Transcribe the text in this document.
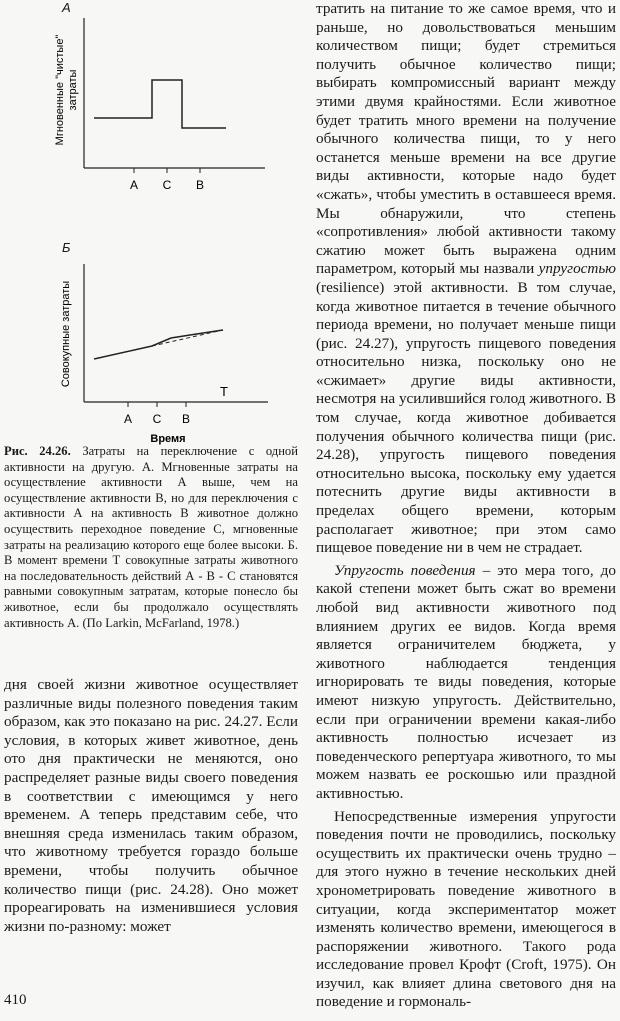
А
Мгновенные "чистые" затраты
A C B
Б
Совокупные затраты
A C B
T
Время
Рис. 24.26. Затраты на переключение с одной активности на другую. А. Мгновенные затраты на осуществление активности А выше, чем на осуществление активности В, но для переключения с активности А на активность В животное должно осуществить переходное поведение С, мгновенные затраты на реализацию которого еще более высоки. Б. В момент времени Т совокупные затраты животного на последовательность действий А - В - С становятся равными совокупным затратам, которые понесло бы животное, если бы продолжало осуществлять активность А. (По Larkin, McFarland, 1978.)

дня своей жизни животное осуществляет различные виды полезного поведения таким образом, как это показано на рис. 24.27. Если условия, в которых живет животное, день ото дня практически не меняются, оно распределяет разные виды своего поведения в соответствии с имеющимся у него временем. А теперь представим себе, что внешняя среда изменилась таким образом, что животному требуется гораздо больше времени, чтобы получить обычное количество пищи (рис. 24.28). Оно может прореагировать на изменившиеся условия жизни по-разному: может

тратить на питание то же самое время, что и раньше, но довольствоваться меньшим количеством пищи; будет стремиться получить обычное количество пищи; выбирать компромиссный вариант между этими двумя крайностями. Если животное будет тратить много времени на получение обычного количества пищи, то у него останется меньше времени на все другие виды активности, которые надо будет «сжать», чтобы уместить в оставшееся время. Мы обнаружили, что степень «сопротивления» любой активности такому сжатию может быть выражена одним параметром, который мы назвали упругостью (resilience) этой активности. В том случае, когда животное питается в течение обычного периода времени, но получает меньше пищи (рис. 24.27), упругость пищевого поведения относительно низка, поскольку оно не «сжимает» другие виды активности, несмотря на усилившийся голод животного. В том случае, когда животное добивается получения обычного количества пищи (рис. 24.28), упругость пищевого поведения относительно высока, поскольку ему удается потеснить другие виды активности в пределах общего времени, которым располагает животное; при этом само пищевое поведение ни в чем не страдает.

Упругость поведения – это мера того, до какой степени может быть сжат во времени любой вид активности животного под влиянием других ее видов. Когда время является ограничителем бюджета, у животного наблюдается тенденция игнорировать те виды поведения, которые имеют низкую упругость. Действительно, если при ограничении времени какая-либо активность полностью исчезает из поведенческого репертуара животного, то мы можем назвать ее роскошью или праздной активностью.

Непосредственные измерения упругости поведения почти не проводились, поскольку осуществить их практически очень трудно – для этого нужно в течение нескольких дней хронометрировать поведение животного в ситуации, когда экспериментатор может изменять количество времени, имеющегося в распоряжении животного. Такого рода исследование провел Крофт (Croft, 1975). Он изучил, как влияет длина светового дня на поведение и гормональ-

410
